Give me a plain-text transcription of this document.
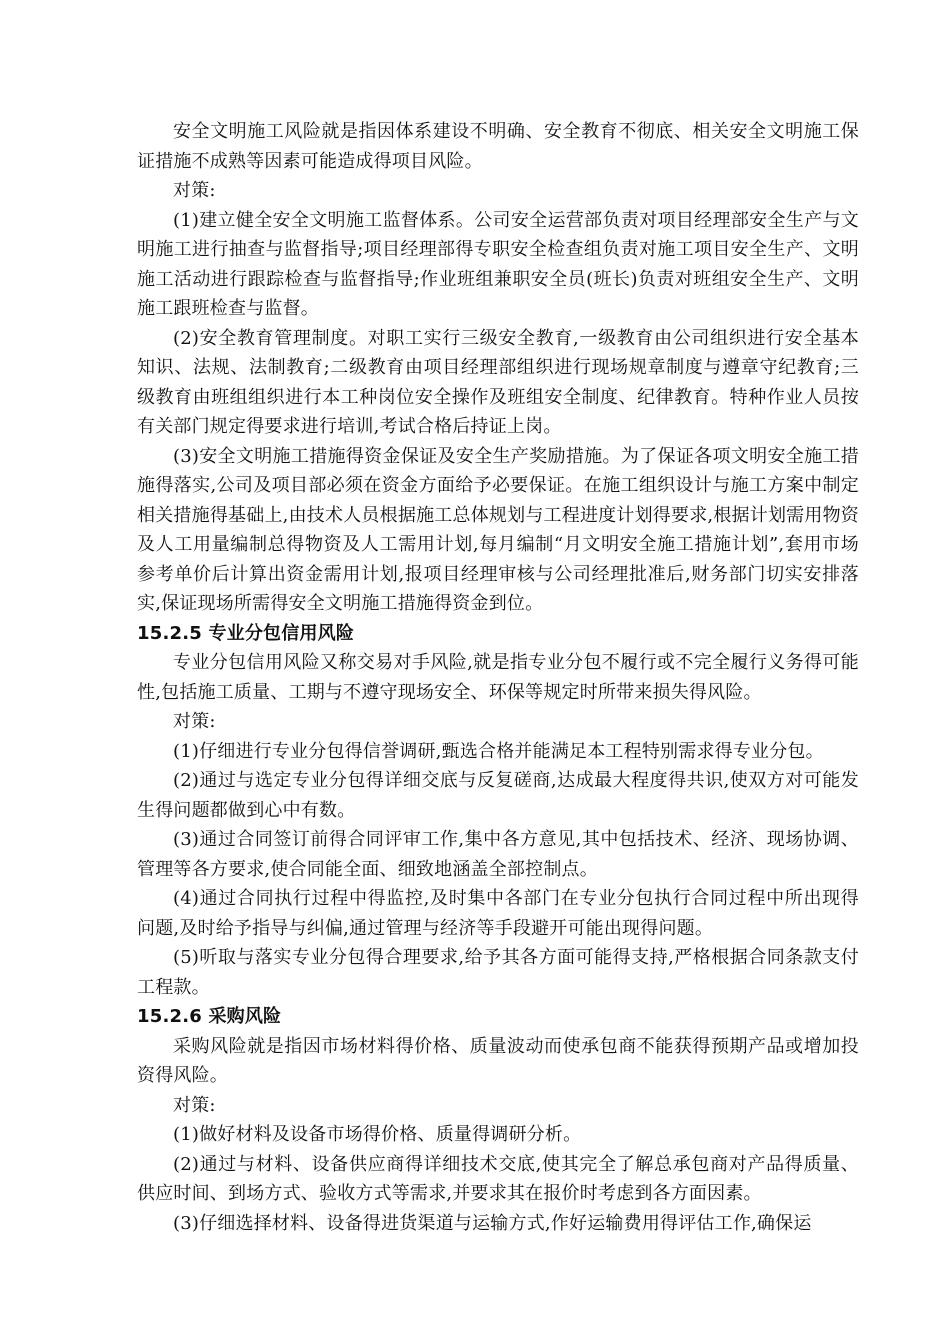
安全文明施工风险就是指因体系建设不明确、安全教育不彻底、相关安全文明施工保证措施不成熟等因素可能造成得项目风险。

对策:

(1)建立健全安全文明施工监督体系。公司安全运营部负责对项目经理部安全生产与文明施工进行抽查与监督指导;项目经理部得专职安全检查组负责对施工项目安全生产、文明施工活动进行跟踪检查与监督指导;作业班组兼职安全员(班长)负责对班组安全生产、文明施工跟班检查与监督。

(2)安全教育管理制度。对职工实行三级安全教育,一级教育由公司组织进行安全基本知识、法规、法制教育;二级教育由项目经理部组织进行现场规章制度与遵章守纪教育;三级教育由班组组织进行本工种岗位安全操作及班组安全制度、纪律教育。特种作业人员按有关部门规定得要求进行培训,考试合格后持证上岗。

(3)安全文明施工措施得资金保证及安全生产奖励措施。为了保证各项文明安全施工措施得落实,公司及项目部必须在资金方面给予必要保证。在施工组织设计与施工方案中制定相关措施得基础上,由技术人员根据施工总体规划与工程进度计划得要求,根据计划需用物资及人工用量编制总得物资及人工需用计划,每月编制“月文明安全施工措施计划”,套用市场参考单价后计算出资金需用计划,报项目经理审核与公司经理批准后,财务部门切实安排落实,保证现场所需得安全文明施工措施得资金到位。

15.2.5 专业分包信用风险

专业分包信用风险又称交易对手风险,就是指专业分包不履行或不完全履行义务得可能性,包括施工质量、工期与不遵守现场安全、环保等规定时所带来损失得风险。

对策:

(1)仔细进行专业分包得信誉调研,甄选合格并能满足本工程特别需求得专业分包。

(2)通过与选定专业分包得详细交底与反复磋商,达成最大程度得共识,使双方对可能发生得问题都做到心中有数。

(3)通过合同签订前得合同评审工作,集中各方意见,其中包括技术、经济、现场协调、管理等各方要求,使合同能全面、细致地涵盖全部控制点。

(4)通过合同执行过程中得监控,及时集中各部门在专业分包执行合同过程中所出现得问题,及时给予指导与纠偏,通过管理与经济等手段避开可能出现得问题。

(5)听取与落实专业分包得合理要求,给予其各方面可能得支持,严格根据合同条款支付工程款。

15.2.6 采购风险

采购风险就是指因市场材料得价格、质量波动而使承包商不能获得预期产品或增加投资得风险。

对策:

(1)做好材料及设备市场得价格、质量得调研分析。

(2)通过与材料、设备供应商得详细技术交底,使其完全了解总承包商对产品得质量、供应时间、到场方式、验收方式等需求,并要求其在报价时考虑到各方面因素。

(3)仔细选择材料、设备得进货渠道与运输方式,作好运输费用得评估工作,确保运
